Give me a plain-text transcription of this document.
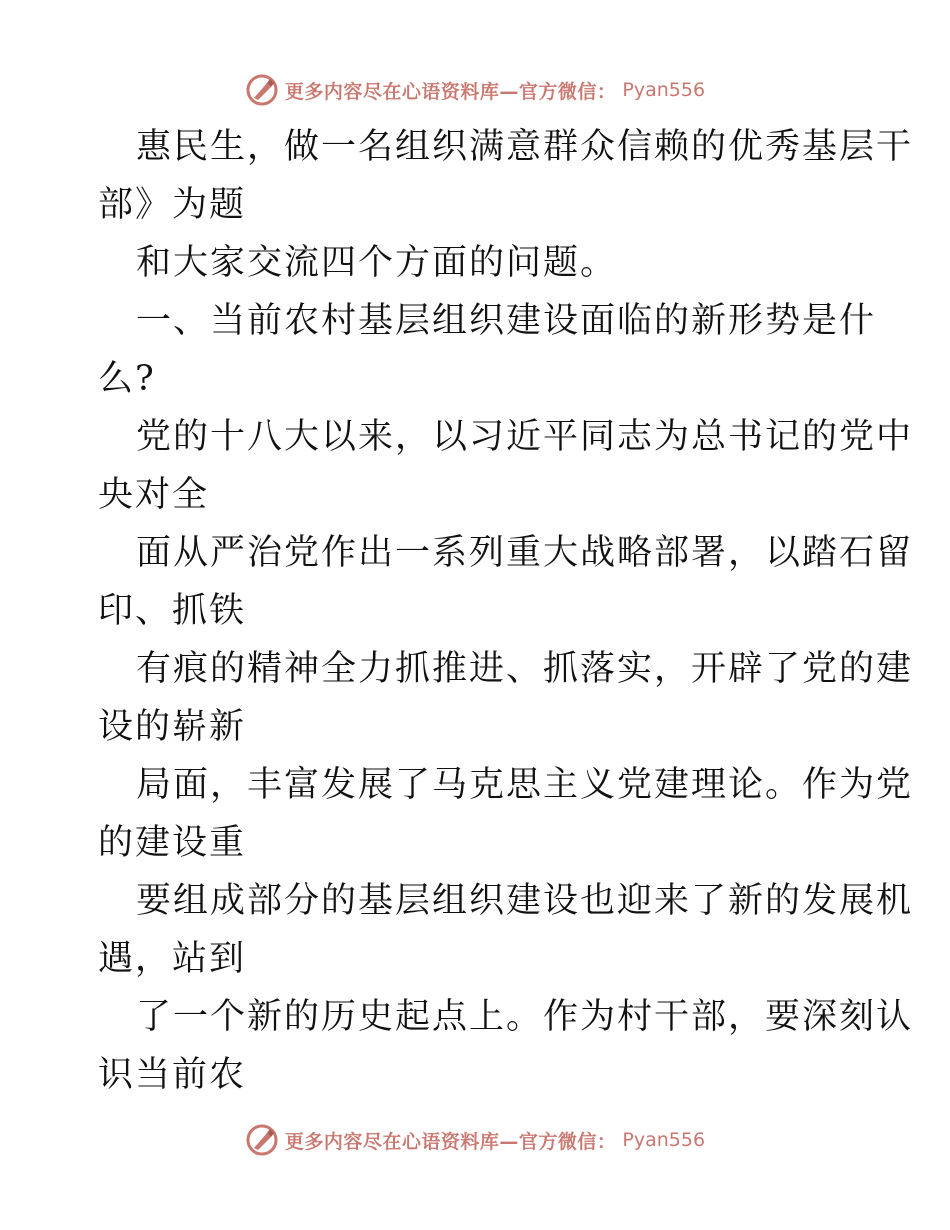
更多内容尽在心语资料库—官方微信： Pyan556
惠民生，做一名组织满意群众信赖的优秀基层干
部》为题
和大家交流四个方面的问题。
一、当前农村基层组织建设面临的新形势是什
么?
党的十八大以来，以习近平同志为总书记的党中
央对全
面从严治党作出一系列重大战略部署，以踏石留
印、抓铁
有痕的精神全力抓推进、抓落实，开辟了党的建
设的崭新
局面，丰富发展了马克思主义党建理论。作为党
的建设重
要组成部分的基层组织建设也迎来了新的发展机
遇，站到
了一个新的历史起点上。作为村干部，要深刻认
识当前农
更多内容尽在心语资料库—官方微信： Pyan556
